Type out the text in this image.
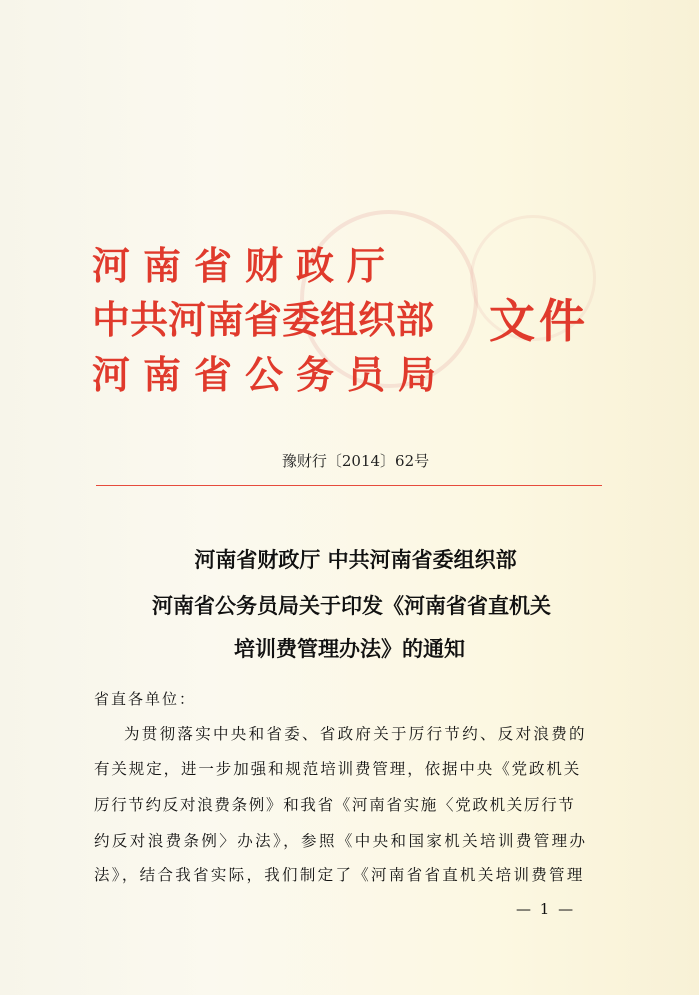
河南省财政厅
中共河南省委组织部
河南省公务员局
文件
豫财行〔2014〕62号
河南省财政厅 中共河南省委组织部
河南省公务员局关于印发《河南省省直机关
培训费管理办法》的通知
省直各单位：
为贯彻落实中央和省委、省政府关于厉行节约、反对浪费的
有关规定，进一步加强和规范培训费管理，依据中央《党政机关
厉行节约反对浪费条例》和我省《河南省实施〈党政机关厉行节
约反对浪费条例〉办法》，参照《中央和国家机关培训费管理办
法》，结合我省实际，我们制定了《河南省省直机关培训费管理
— 1 —
